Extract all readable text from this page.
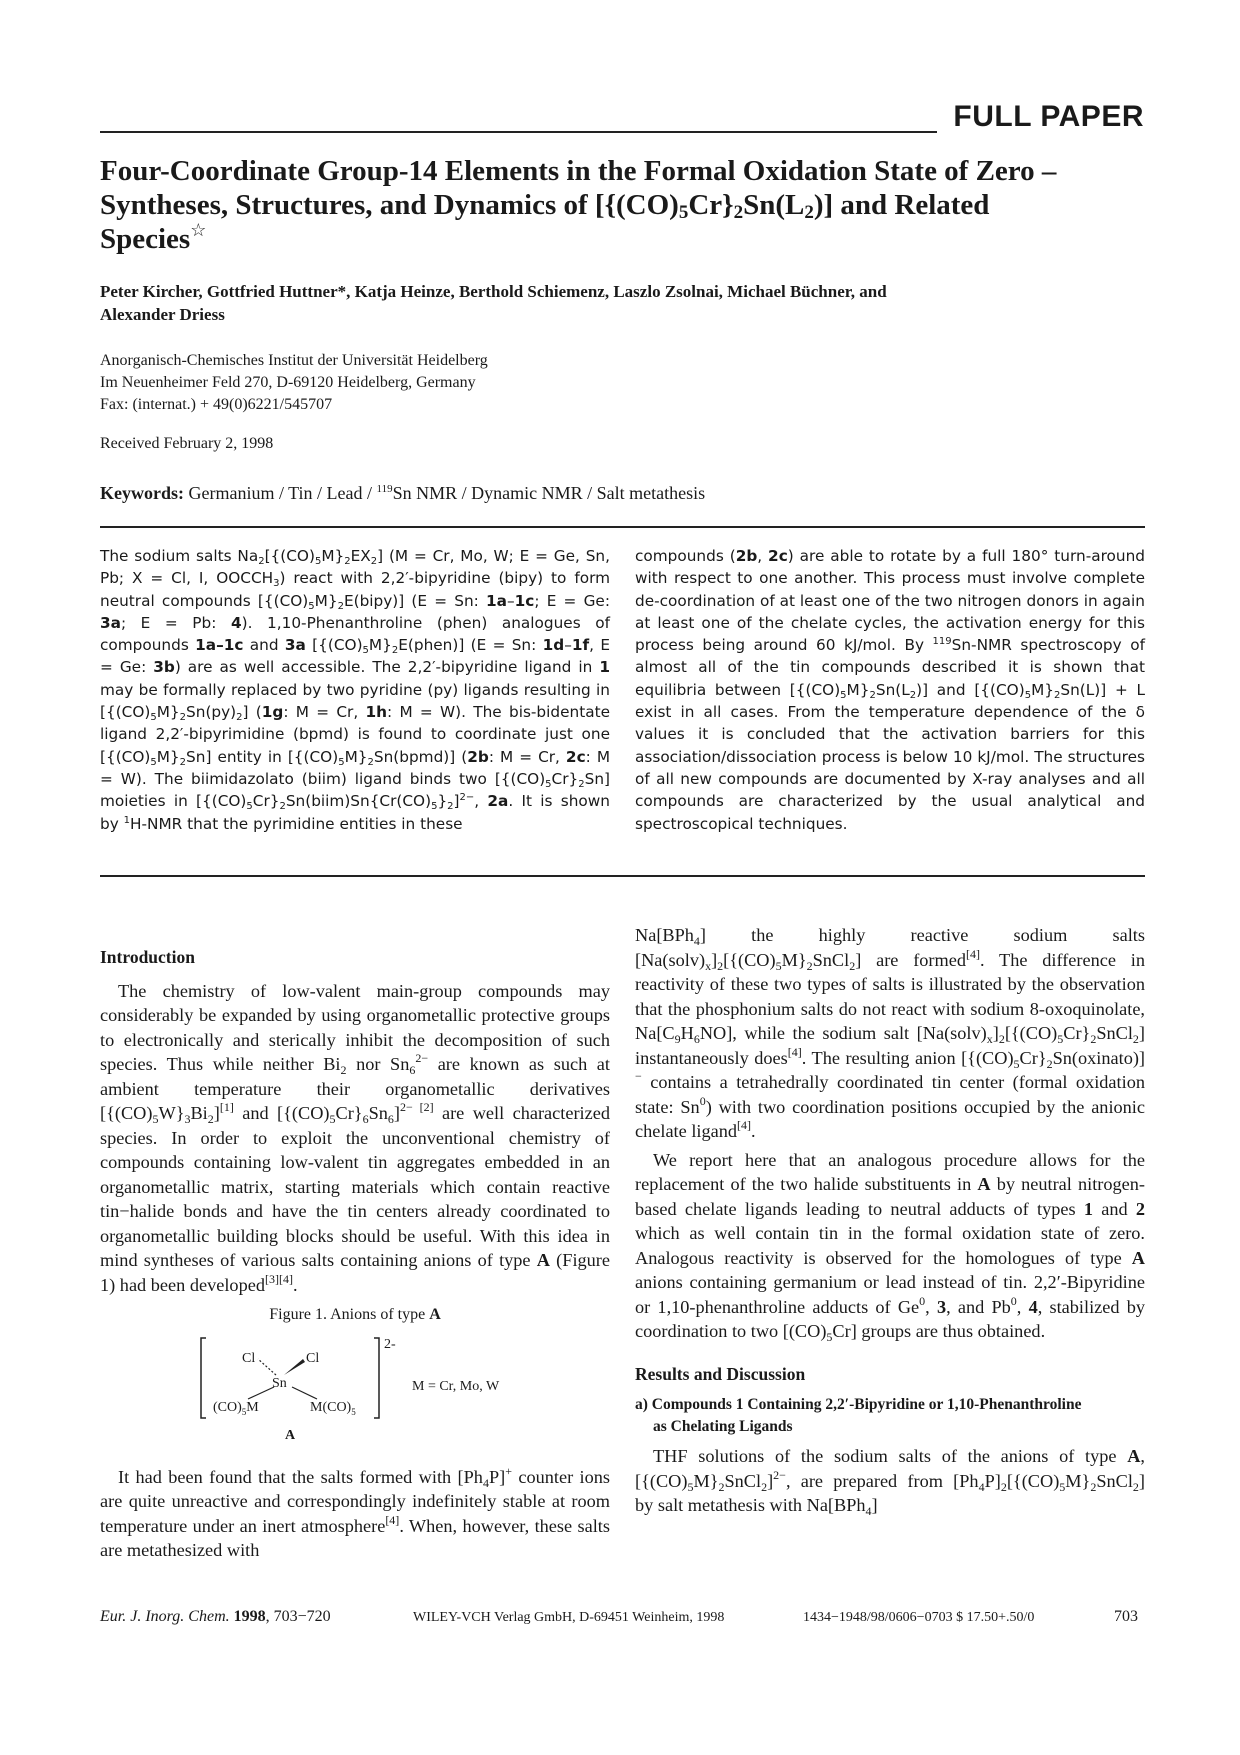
FULL PAPER
Four-Coordinate Group-14 Elements in the Formal Oxidation State of Zero –
Syntheses, Structures, and Dynamics of $[\{(CO)_5Cr\}_2Sn(L_2)]$ and Related
Species☆
Peter Kircher, Gottfried Huttner*, Katja Heinze, Berthold Schiemenz, Laszlo Zsolnai, Michael Büchner, and
Alexander Driess
Anorganisch-Chemisches Institut der Universität Heidelberg
Im Neuenheimer Feld 270, D-69120 Heidelberg, Germany
Fax: (internat.) + 49(0)6221/545707
Received February 2, 1998
Keywords: Germanium / Tin / Lead / $^{119}$Sn NMR / Dynamic NMR / Salt metathesis
The sodium salts $Na_2[\{(CO)_5M\}_2EX_2] (M = Cr$, Mo, W; E = Ge, Sn, Pb; X = Cl, I, $OOCCH_3$) react with 2,2′-bipyridine (bipy) to form neutral compounds $[\{(CO)_5M\}_2E(bipy)] (E = Sn$: 1a–1c; E = Ge: 3a; E = Pb: 4). 1,10-Phenanthroline (phen) analogues of compounds 1a–1c and 3a $[\{(CO)_5M\}_2E(phen)] (E = Sn$: 1d–1f, E = Ge: 3b) are as well accessible. The 2,2′-bipyridine ligand in 1 may be formally replaced by two pyridine (py) ligands resulting in $[\{(CO)_5M\}_2Sn(py)_2]$ (1g: M = Cr, 1h: M = W). The bis-bidentate ligand 2,2′-bipyrimidine (bpmd) is found to coordinate just one $[\{(CO)_5M\}_2Sn]$ entity in $[\{(CO)_5M\}_2Sn(bpmd)]$ (2b: M = Cr, 2c: M = W). The biimidazolato (biim) ligand binds two $[\{(CO)_5Cr\}_2Sn]$ moieties in $[\{(CO)_5Cr\}_2Sn(biim)Sn\{Cr(CO)_5\}_2]^{2-}$, 2a. It is shown by $^1$H-NMR that the pyrimidine entities in these
compounds (2b, 2c) are able to rotate by a full 180° turn-around with respect to one another. This process must involve complete de-coordination of at least one of the two nitrogen donors in again at least one of the chelate cycles, the activation energy for this process being around 60 kJ/mol. By $^{119}$Sn-NMR spectroscopy of almost all of the tin compounds described it is shown that equilibria between $[\{(CO)_5M\}_2Sn(L_2)]$ and $[\{(CO)_5M\}_2Sn(L)] + L$ exist in all cases. From the temperature dependence of the δ values it is concluded that the activation barriers for this association/dissociation process is below 10 kJ/mol. The structures of all new compounds are documented by X-ray analyses and all compounds are characterized by the usual analytical and spectroscopical techniques.

Introduction

The chemistry of low-valent main-group compounds may considerably be expanded by using organometallic protective groups to electronically and sterically inhibit the decomposition of such species. Thus while neither $Bi_2$ nor $Sn_6^{2-}$ are known as such at ambient temperature their organometallic derivatives $[\{(CO)_5W\}_3Bi_2][1]$ and $[\{(CO)_5Cr\}_6Sn_6]^{2- [2]}$ are well characterized species. In order to exploit the unconventional chemistry of compounds containing low-valent tin aggregates embedded in an organometallic matrix, starting materials which contain reactive tin−halide bonds and have the tin centers already coordinated to organometallic building blocks should be useful. With this idea in mind syntheses of various salts containing anions of type A (Figure 1) had been developed[3][4].

Figure 1. Anions of type A

Cl	Cl
Sn
$(CO)_5M$	$M(CO)_5$
2-
M = Cr, Mo, W
A

It had been found that the salts formed with $[Ph_4P]^+$ counter ions are quite unreactive and correspondingly indefinitely stable at room temperature under an inert atmosphere[4]. When, however, these salts are metathesized with

Na[BPh$_4$] the highly reactive sodium salts $[Na(solv)_x]_2[\{(CO)_5M\}_2SnCl_2]$ are formed[4]. The difference in reactivity of these two types of salts is illustrated by the observation that the phosphonium salts do not react with sodium 8-oxoquinolate, $Na[C_9H_6NO]$, while the sodium salt $[Na(solv)_x]_2[\{(CO)_5Cr\}_2SnCl_2]$ instantaneously does[4]. The resulting anion $[\{(CO)_5Cr\}_2Sn(oxinato)]^-$ contains a tetrahedrally coordinated tin center (formal oxidation state: Sn$^0$) with two coordination positions occupied by the anionic chelate ligand[4].

We report here that an analogous procedure allows for the replacement of the two halide substituents in A by neutral nitrogen-based chelate ligands leading to neutral adducts of types 1 and 2 which as well contain tin in the formal oxidation state of zero. Analogous reactivity is observed for the homologues of type A anions containing germanium or lead instead of tin. 2,2′-Bipyridine or 1,10-phenanthroline adducts of Ge$^0$, 3, and Pb$^0$, 4, stabilized by coordination to two $[(CO)_5Cr]$ groups are thus obtained.

Results and Discussion

a) Compounds 1 Containing 2,2′-Bipyridine or 1,10-Phenanthroline
as Chelating Ligands

THF solutions of the sodium salts of the anions of type A, $[\{(CO)_5M\}_2SnCl_2]^{2-}$, are prepared from $[Ph_4P]_2[\{(CO)_5M\}_2SnCl_2]$ by salt metathesis with Na[BPh$_4$]

Eur. J. Inorg. Chem. 1998, 703−720	WILEY-VCH Verlag GmbH, D-69451 Weinheim, 1998	1434−1948/98/0606−0703 $ 17.50+.50/0	703
